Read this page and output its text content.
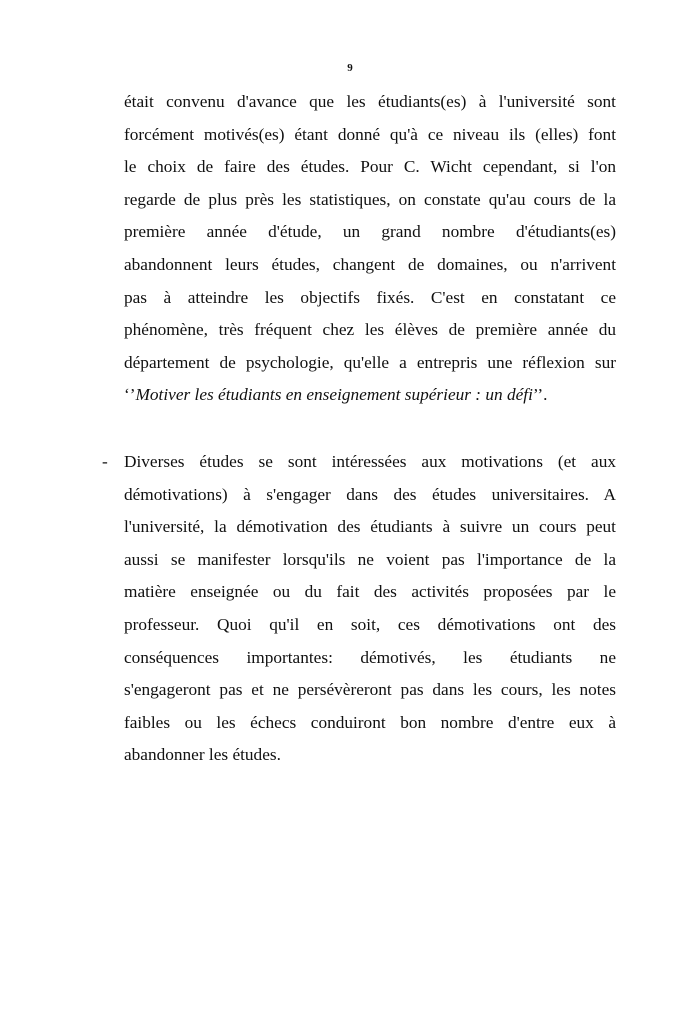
9
était convenu d'avance que les étudiants(es) à l'université sont
forcément motivés(es) étant donné qu'à ce niveau ils (elles) font
le choix de faire des études. Pour C. Wicht cependant, si l'on
regarde de plus près les statistiques, on constate qu'au cours de la
première année d'étude, un grand nombre d'étudiants(es)
abandonnent leurs études, changent de domaines, ou n'arrivent
pas à atteindre les objectifs fixés. C'est en constatant ce
phénomène, très fréquent chez les élèves de première année du
département de psychologie, qu'elle a entrepris une réflexion sur
‘’Motiver les étudiants en enseignement supérieur : un défi’’.
- Diverses études se sont intéressées aux motivations (et aux
démotivations) à s'engager dans des études universitaires. A
l'université, la démotivation des étudiants à suivre un cours peut
aussi se manifester lorsqu'ils ne voient pas l'importance de la
matière enseignée ou du fait des activités proposées par le
professeur. Quoi qu'il en soit, ces démotivations ont des
conséquences importantes: démotivés, les étudiants ne
s'engageront pas et ne persévèreront pas dans les cours, les notes
faibles ou les échecs conduiront bon nombre d'entre eux à
abandonner les études.
